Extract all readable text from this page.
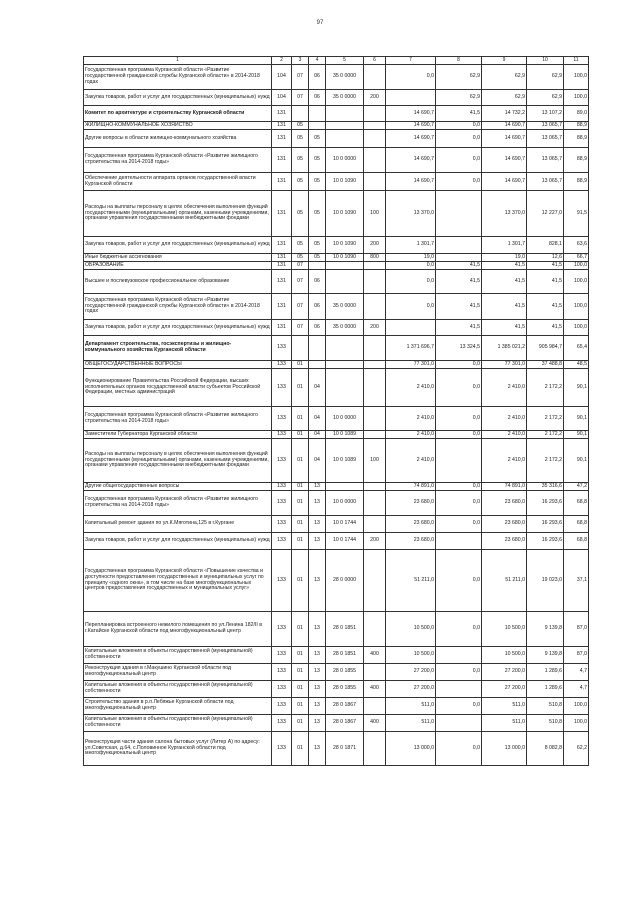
97
1	2	3	4	5	6	7	8	9	10	11
Государственная программа Курганской области «Развитие государственной гражданской службы Курганской области» в 2014-2018 годах	104	07	06	35 0 0000		0,0	62,9	62,9	62,9	100,0
Закупка товаров, работ и услуг для государственных (муниципальных) нужд	104	07	06	35 0 0000	200		62,9	62,9	62,9	100,0
Комитет по архитектуре и строительству Курганской области	131					14 690,7	41,5	14 732,2	13 107,2	89,0
ЖИЛИЩНО-КОММУНАЛЬНОЕ ХОЗЯЙСТВО	131	05				14 690,7	0,0	14 690,7	13 065,7	88,9
Другие вопросы в области жилищно-коммунального хозяйства	131	05	05			14 690,7	0,0	14 690,7	13 065,7	88,9
Государственная программа Курганской области «Развитие жилищного строительства на 2014-2018 годы»	131	05	05	10 0 0000		14 690,7	0,0	14 690,7	13 065,7	88,9
Обеспечение деятельности аппарата органов государственной власти Курганской области	131	05	05	10 0 1090		14 690,7	0,0	14 690,7	13 065,7	88,9
Расходы на выплаты персоналу в целях обеспечения выполнения функций государственными (муниципальными) органами, казенными учреждениями, органами управления государственными внебюджетными фондами	131	05	05	10 0 1090	100	13 370,0		13 370,0	12 227,0	91,5
Закупка товаров, работ и услуг для государственных (муниципальных) нужд	131	05	05	10 0 1090	200	1 301,7		1 301,7	828,1	63,6
Иные бюджетные ассигнования	131	05	05	10 0 1090	800	19,0		19,0	12,6	66,7
ОБРАЗОВАНИЕ	131	07				0,0	41,5	41,5	41,5	100,0
Высшее и послевузовское профессиональное образование	131	07	06			0,0	41,5	41,5	41,5	100,0
Государственная программа Курганской области «Развитие государственной гражданской службы Курганской области» в 2014-2018 годах	131	07	06	35 0 0000		0,0	41,5	41,5	41,5	100,0
Закупка товаров, работ и услуг для государственных (муниципальных) нужд	131	07	06	35 0 0000	200		41,5	41,5	41,5	100,0
Департамент строительства, госэкспертизы и жилищно-коммунального хозяйства Курганской области	133					1 371 696,7	13 324,5	1 385 021,2	905 984,7	65,4
ОБЩЕГОСУДАРСТВЕННЫЕ ВОПРОСЫ	133	01				77 301,0	0,0	77 301,0	37 488,8	48,5
Функционирование Правительства Российской Федерации, высших исполнительных органов государственной власти субъектов Российской Федерации, местных администраций	133	01	04			2 410,0	0,0	2 410,0	2 172,2	90,1
Государственная программа Курганской области «Развитие жилищного строительства на 2014-2018 годы»	133	01	04	10 0 0000		2 410,0	0,0	2 410,0	2 172,2	90,1
Заместители Губернатора Курганской области	133	01	04	10 0 1089		2 410,0	0,0	2 410,0	2 172,2	90,1
Расходы на выплаты персоналу в целях обеспечения выполнения функций государственными (муниципальными) органами, казенными учреждениями, органами управления государственными внебюджетными фондами	133	01	04	10 0 1089	100	2 410,0		2 410,0	2 172,2	90,1
Другие общегосударственные вопросы	133	01	13			74 891,0	0,0	74 891,0	35 316,6	47,2
Государственная программа Курганской области «Развитие жилищного строительства на 2014-2018 годы»	133	01	13	10 0 0000		23 680,0	0,0	23 680,0	16 293,6	68,8
Капитальный ремонт здания по ул.К.Мяготина,125 в г.Кургане	133	01	13	10 0 1744		23 680,0	0,0	23 680,0	16 293,6	68,8
Закупка товаров, работ и услуг для государственных (муниципальных) нужд	133	01	13	10 0 1744	200	23 680,0		23 680,0	16 293,6	68,8
Государственная программа Курганской области «Повышение качества и доступности предоставления государственных и муниципальных услуг по принципу «одного окна», в том числе на базе многофункциональных центров предоставления государственных и муниципальных услуг»	133	01	13	28 0 0000		51 211,0	0,0	51 211,0	19 023,0	37,1
Перепланировка встроенного нежилого помещения по ул.Ленина 182/II в г.Катайске Курганской области под многофункциональный центр	133	01	13	28 0 1851		10 500,0	0,0	10 500,0	9 139,8	87,0
Капитальные вложения в объекты государственной (муниципальной) собственности	133	01	13	28 0 1851	400	10 500,0		10 500,0	9 139,8	87,0
Реконструкция здания в г.Макушино Курганской области под многофункциональный центр	133	01	13	28 0 1855		27 200,0	0,0	27 200,0	1 289,6	4,7
Капитальные вложения в объекты государственной (муниципальной) собственности	133	01	13	28 0 1855	400	27 200,0		27 200,0	1 289,6	4,7
Строительство здания в р.п.Лебяжье Курганской области под многофункциональный центр	133	01	13	28 0 1867		511,0	0,0	511,0	510,8	100,0
Капитальные вложения в объекты государственной (муниципальной) собственности	133	01	13	28 0 1867	400	511,0		511,0	510,8	100,0
Реконструкция части здания салона бытовых услуг (Литер А) по адресу: ул.Советская, д.64, с.Половинное Курганской области под многофункциональный центр	133	01	13	28 0 1871		13 000,0	0,0	13 000,0	8 082,8	62,2
